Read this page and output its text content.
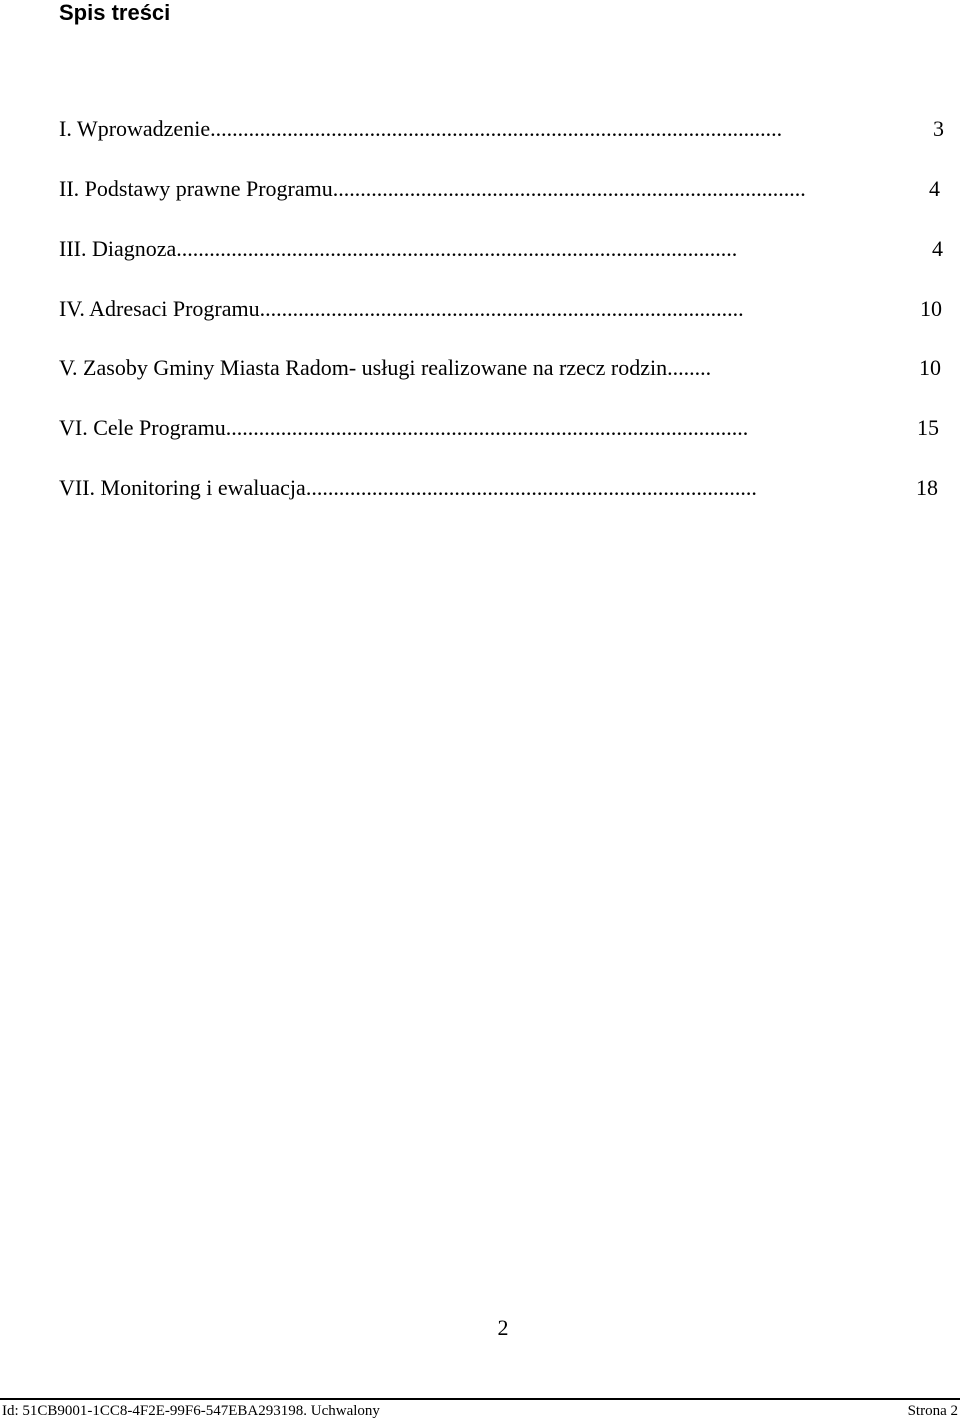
Spis treści
I. Wprowadzenie........................................................................................................	3
II. Podstawy prawne Programu......................................................................................	4
III. Diagnoza......................................................................................................	4
IV. Adresaci Programu........................................................................................	10
V. Zasoby Gminy Miasta Radom- usługi realizowane na rzecz rodzin........	10
VI. Cele Programu...............................................................................................	15
VII. Monitoring i ewaluacja..................................................................................	18
2
Id: 51CB9001-1CC8-4F2E-99F6-547EBA293198. Uchwalony	Strona 2
